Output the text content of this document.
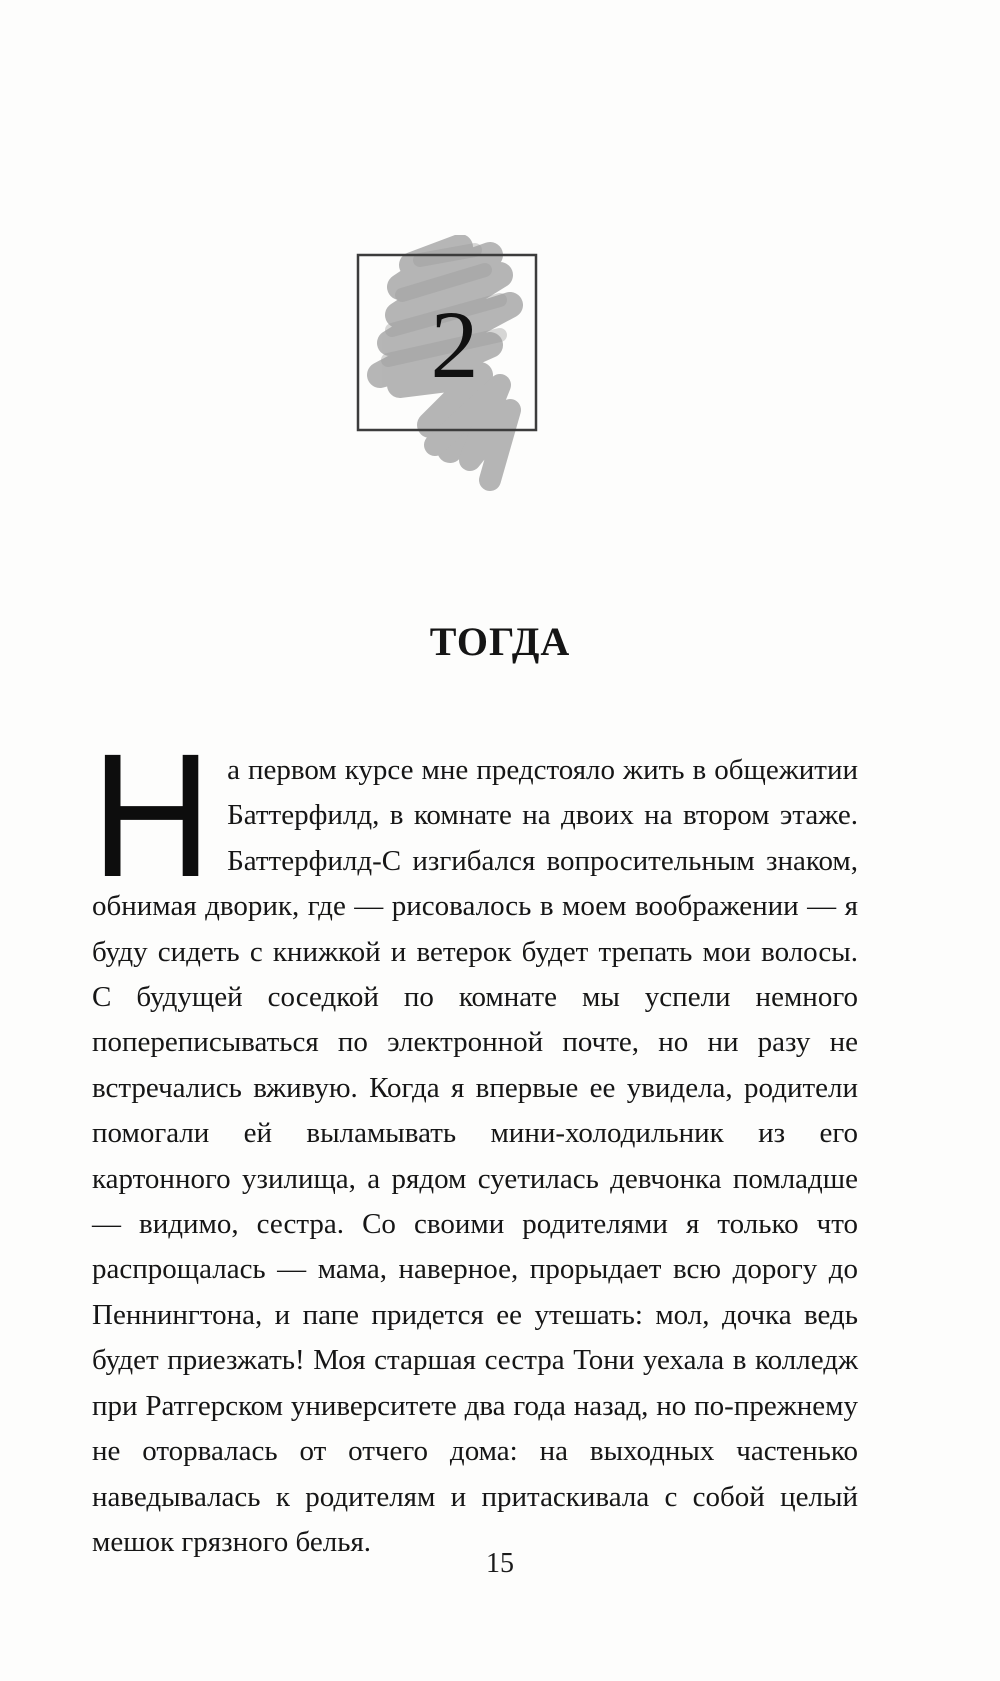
2
ТОГДА
Н а первом курсе мне предстояло жить в общежитии Баттерфилд, в комнате на двоих на втором этаже. Баттерфилд-С изгибался вопросительным знаком, обнимая дворик, где — рисовалось в моем воображении — я буду сидеть с книжкой и ветерок будет трепать мои волосы. С будущей соседкой по комнате мы успели немного попереписываться по электронной почте, но ни разу не встречались вживую. Когда я впервые ее увидела, родители помогали ей выламывать мини-холодильник из его картонного узилища, а рядом суетилась девчонка помладше — видимо, сестра. Со своими родителями я только что распрощалась — мама, наверное, прорыдает всю дорогу до Пеннингтона, и папе придется ее утешать: мол, дочка ведь будет приезжать! Моя старшая сестра Тони уехала в колледж при Ратгерском университете два года назад, но по-прежнему не оторвалась от отчего дома: на выходных частенько наведывалась к родителям и притаскивала с собой целый мешок грязного белья.

15
